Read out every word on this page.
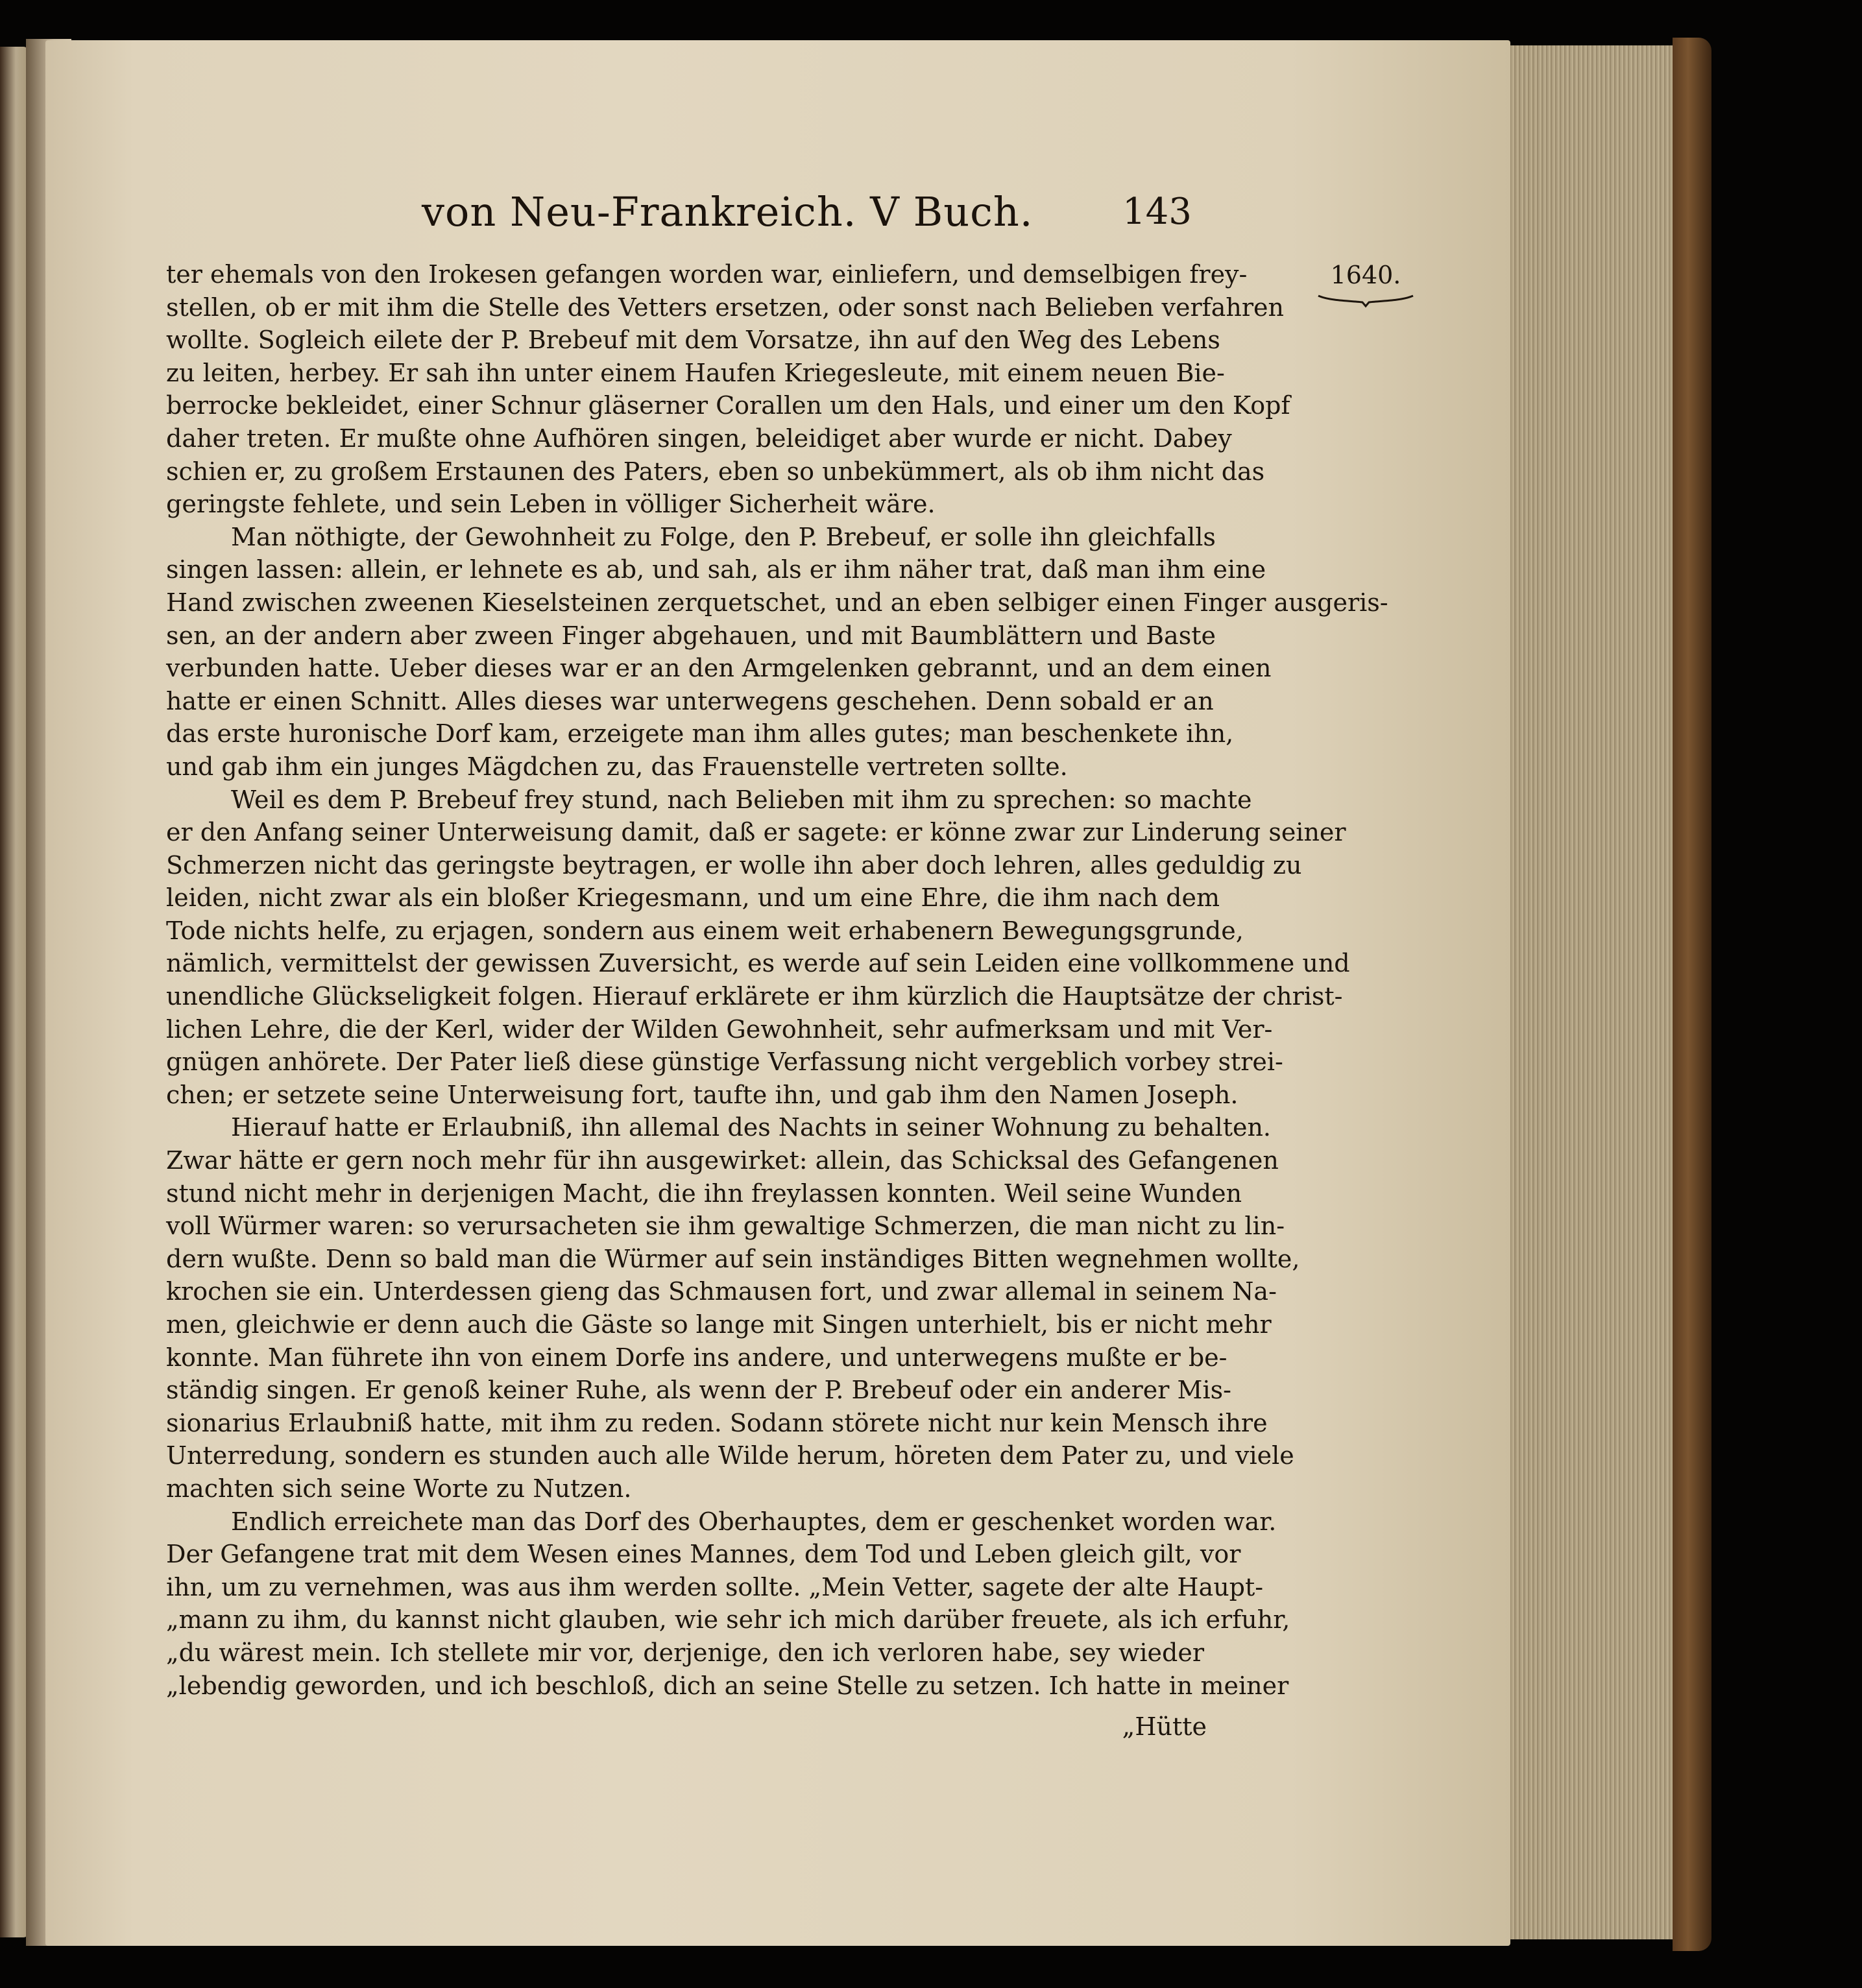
von Neu-Frankreich. V Buch.	143
1640.
ter ehemals von den Irokesen gefangen worden war, einliefern, und demselbigen frey-
stellen, ob er mit ihm die Stelle des Vetters ersetzen, oder sonst nach Belieben verfahren
wollte. Sogleich eilete der P. Brebeuf mit dem Vorsatze, ihn auf den Weg des Lebens
zu leiten, herbey. Er sah ihn unter einem Haufen Kriegesleute, mit einem neuen Bie-
berrocke bekleidet, einer Schnur gläserner Corallen um den Hals, und einer um den Kopf
daher treten. Er mußte ohne Aufhören singen, beleidiget aber wurde er nicht. Dabey
schien er, zu großem Erstaunen des Paters, eben so unbekümmert, als ob ihm nicht das
geringste fehlete, und sein Leben in völliger Sicherheit wäre.
Man nöthigte, der Gewohnheit zu Folge, den P. Brebeuf, er solle ihn gleichfalls
singen lassen: allein, er lehnete es ab, und sah, als er ihm näher trat, daß man ihm eine
Hand zwischen zweenen Kieselsteinen zerquetschet, und an eben selbiger einen Finger ausgeris-
sen, an der andern aber zween Finger abgehauen, und mit Baumblättern und Baste
verbunden hatte. Ueber dieses war er an den Armgelenken gebrannt, und an dem einen
hatte er einen Schnitt. Alles dieses war unterwegens geschehen. Denn sobald er an
das erste huronische Dorf kam, erzeigete man ihm alles gutes; man beschenkete ihn,
und gab ihm ein junges Mägdchen zu, das Frauenstelle vertreten sollte.
Weil es dem P. Brebeuf frey stund, nach Belieben mit ihm zu sprechen: so machte
er den Anfang seiner Unterweisung damit, daß er sagete: er könne zwar zur Linderung seiner
Schmerzen nicht das geringste beytragen, er wolle ihn aber doch lehren, alles geduldig zu
leiden, nicht zwar als ein bloßer Kriegesmann, und um eine Ehre, die ihm nach dem
Tode nichts helfe, zu erjagen, sondern aus einem weit erhabenern Bewegungsgrunde,
nämlich, vermittelst der gewissen Zuversicht, es werde auf sein Leiden eine vollkommene und
unendliche Glückseligkeit folgen. Hierauf erklärete er ihm kürzlich die Hauptsätze der christ-
lichen Lehre, die der Kerl, wider der Wilden Gewohnheit, sehr aufmerksam und mit Ver-
gnügen anhörete. Der Pater ließ diese günstige Verfassung nicht vergeblich vorbey strei-
chen; er setzete seine Unterweisung fort, taufte ihn, und gab ihm den Namen Joseph.
Hierauf hatte er Erlaubniß, ihn allemal des Nachts in seiner Wohnung zu behalten.
Zwar hätte er gern noch mehr für ihn ausgewirket: allein, das Schicksal des Gefangenen
stund nicht mehr in derjenigen Macht, die ihn freylassen konnten. Weil seine Wunden
voll Würmer waren: so verursacheten sie ihm gewaltige Schmerzen, die man nicht zu lin-
dern wußte. Denn so bald man die Würmer auf sein inständiges Bitten wegnehmen wollte,
krochen sie ein. Unterdessen gieng das Schmausen fort, und zwar allemal in seinem Na-
men, gleichwie er denn auch die Gäste so lange mit Singen unterhielt, bis er nicht mehr
konnte. Man führete ihn von einem Dorfe ins andere, und unterwegens mußte er be-
ständig singen. Er genoß keiner Ruhe, als wenn der P. Brebeuf oder ein anderer Mis-
sionarius Erlaubniß hatte, mit ihm zu reden. Sodann störete nicht nur kein Mensch ihre
Unterredung, sondern es stunden auch alle Wilde herum, höreten dem Pater zu, und viele
machten sich seine Worte zu Nutzen.
Endlich erreichete man das Dorf des Oberhauptes, dem er geschenket worden war.
Der Gefangene trat mit dem Wesen eines Mannes, dem Tod und Leben gleich gilt, vor
ihn, um zu vernehmen, was aus ihm werden sollte. „Mein Vetter, sagete der alte Haupt-
„mann zu ihm, du kannst nicht glauben, wie sehr ich mich darüber freuete, als ich erfuhr,
„du wärest mein. Ich stellete mir vor, derjenige, den ich verloren habe, sey wieder
„lebendig geworden, und ich beschloß, dich an seine Stelle zu setzen. Ich hatte in meiner
„Hütte
